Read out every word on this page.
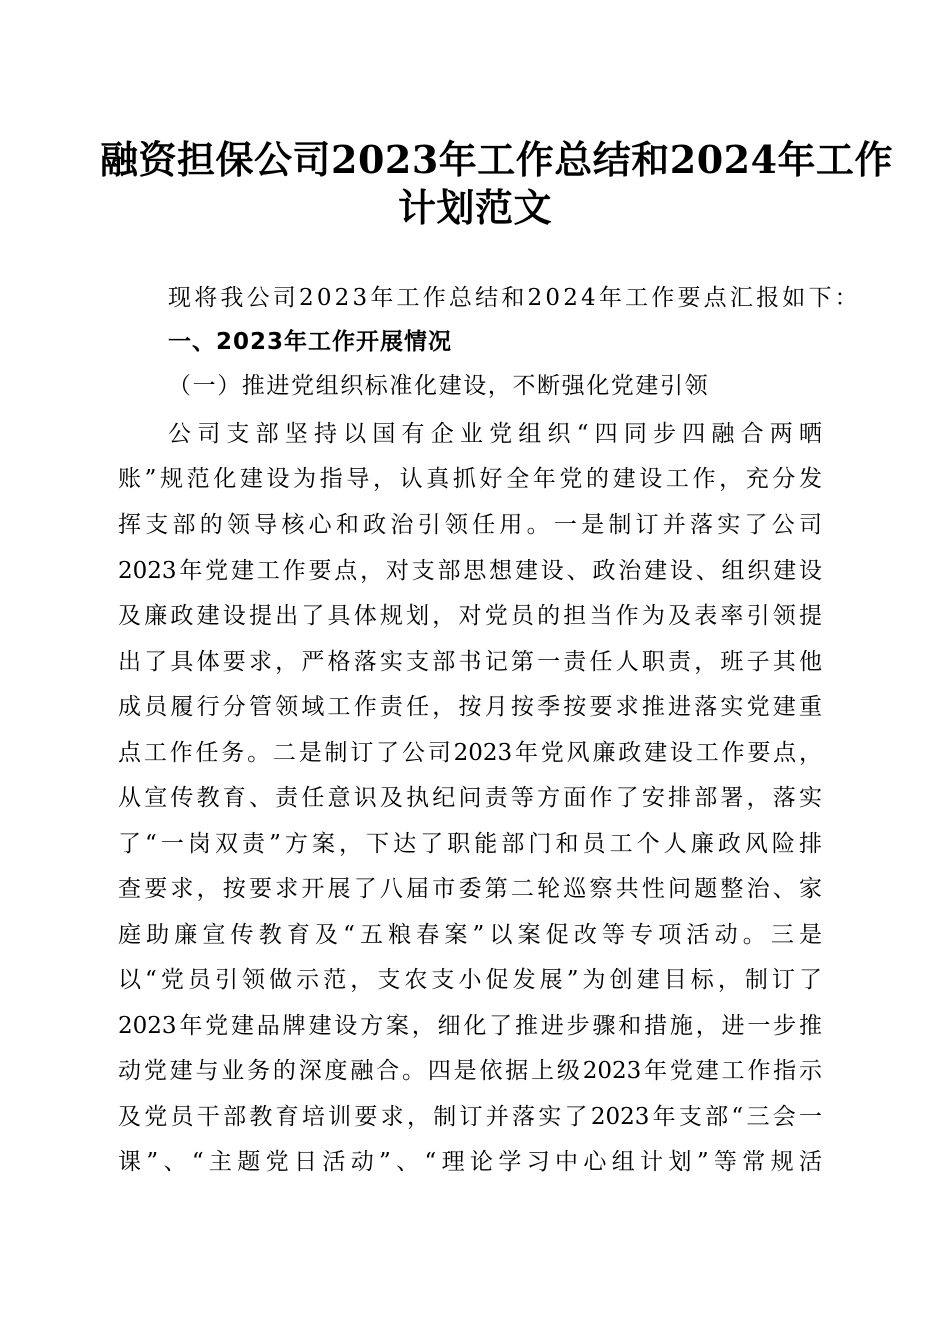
融资担保公司2023年工作总结和2024年工作
计划范文
现将我公司2023年工作总结和2024年工作要点汇报如下：
一、2023年工作开展情况
（一）推进党组织标准化建设，不断强化党建引领
公司支部坚持以国有企业党组织“四同步四融合两晒
账”规范化建设为指导，认真抓好全年党的建设工作，充分发
挥支部的领导核心和政治引领任用。一是制订并落实了公司
2023年党建工作要点，对支部思想建设、政治建设、组织建设
及廉政建设提出了具体规划，对党员的担当作为及表率引领提
出了具体要求，严格落实支部书记第一责任人职责，班子其他
成员履行分管领域工作责任，按月按季按要求推进落实党建重
点工作任务。二是制订了公司2023年党风廉政建设工作要点，
从宣传教育、责任意识及执纪问责等方面作了安排部署，落实
了“一岗双责”方案，下达了职能部门和员工个人廉政风险排
查要求，按要求开展了八届市委第二轮巡察共性问题整治、家
庭助廉宣传教育及“五粮春案”以案促改等专项活动。三是
以“党员引领做示范，支农支小促发展”为创建目标，制订了
2023年党建品牌建设方案，细化了推进步骤和措施，进一步推
动党建与业务的深度融合。四是依据上级2023年党建工作指示
及党员干部教育培训要求，制订并落实了2023年支部“三会一
课”、“主题党日活动”、“理论学习中心组计划”等常规活
